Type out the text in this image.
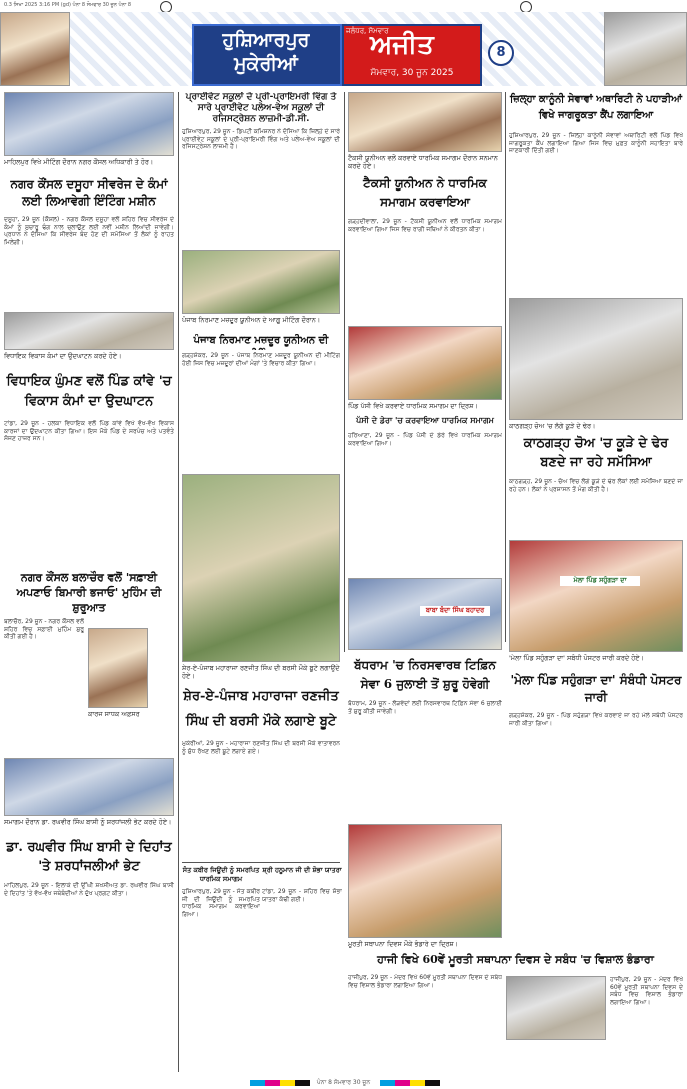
0.3 ਸਿਖਾ 2025 3:16 PM (gd) ਪੰਨਾ 8 ਸੋਮਵਾਰ 30 ਜੂਨ ਪੰਨਾ 8
ਹੁਸ਼ਿਆਰਪੁਰ ਮੁਕੇਰੀਆਂ
ਜਲੰਧਰ, ਸੋਮਵਾਰ
ਅਜੀਤ
ਸੋਮਵਾਰ, 30 ਜੂਨ 2025
8
ਮਾਹਿਲਪੁਰ ਵਿਖੇ ਮੀਟਿੰਗ ਦੌਰਾਨ ਨਗਰ ਕੌਂਸਲ ਅਧਿਕਾਰੀ ਤੇ ਹੋਰ।
ਨਗਰ ਕੌਂਸਲ ਦਸੂਹਾ ਸੀਵਰੇਜ ਦੇ ਕੰਮਾਂ ਲਈ ਲਿਆਵੇਗੀ ਇੰਟਿੰਗ ਮਸ਼ੀਨ
ਦਸੂਹਾ, 29 ਜੂਨ (ਕੌਸ਼ਲ) - ਨਗਰ ਕੌਂਸਲ ਦਸੂਹਾ ਵਲੋਂ ਸ਼ਹਿਰ ਵਿਚ ਸੀਵਰੇਜ ਦੇ ਕੰਮਾਂ ਨੂੰ ਸੁਚਾਰੂ ਢੰਗ ਨਾਲ ਚਲਾਉਣ ਲਈ ਨਵੀਂ ਮਸ਼ੀਨ ਲਿਆਂਦੀ ਜਾਵੇਗੀ। ਪ੍ਰਧਾਨ ਨੇ ਦੱਸਿਆ ਕਿ ਸੀਵਰੇਜ ਬੰਦ ਹੋਣ ਦੀ ਸਮੱਸਿਆ ਤੋਂ ਲੋਕਾਂ ਨੂੰ ਰਾਹਤ ਮਿਲੇਗੀ।
ਵਿਧਾਇਕ ਵਿਕਾਸ ਕੰਮਾਂ ਦਾ ਉਦਘਾਟਨ ਕਰਦੇ ਹੋਏ।
ਵਿਧਾਇਕ ਘੁੰਮਣ ਵਲੋਂ ਪਿੰਡ ਕਾਂਵੇ 'ਚ ਵਿਕਾਸ ਕੰਮਾਂ ਦਾ ਉਦਘਾਟਨ
ਟਾਂਡਾ, 29 ਜੂਨ - ਹਲਕਾ ਵਿਧਾਇਕ ਵਲੋਂ ਪਿੰਡ ਕਾਂਵੇ ਵਿਖੇ ਵੱਖ-ਵੱਖ ਵਿਕਾਸ ਕਾਰਜਾਂ ਦਾ ਉਦਘਾਟਨ ਕੀਤਾ ਗਿਆ। ਇਸ ਮੌਕੇ ਪਿੰਡ ਦੇ ਸਰਪੰਚ ਅਤੇ ਪਤਵੰਤੇ ਸੱਜਣ ਹਾਜ਼ਰ ਸਨ।
ਨਗਰ ਕੌਂਸਲ ਬਲਾਚੌਰ ਵਲੋਂ 'ਸਫ਼ਾਈ ਅਪਣਾਓ ਬਿਮਾਰੀ ਭਜਾਓ' ਮੁਹਿੰਮ ਦੀ ਸ਼ੁਰੂਆਤ
ਬਲਾਚੌਰ, 29 ਜੂਨ - ਨਗਰ ਕੌਂਸਲ ਵਲੋਂ ਸ਼ਹਿਰ ਵਿਚ ਸਫ਼ਾਈ ਮੁਹਿੰਮ ਸ਼ੁਰੂ ਕੀਤੀ ਗਈ ਹੈ।
ਕਾਰਜ ਸਾਧਕ ਅਫ਼ਸਰ
ਸਮਾਗਮ ਦੌਰਾਨ ਡਾ. ਰਘਵੀਰ ਸਿੰਘ ਬਾਸੀ ਨੂੰ ਸ਼ਰਧਾਂਜਲੀ ਭੇਟ ਕਰਦੇ ਹੋਏ।
ਡਾ. ਰਘਵੀਰ ਸਿੰਘ ਬਾਸੀ ਦੇ ਦਿਹਾਂਤ 'ਤੇ ਸ਼ਰਧਾਂਜਲੀਆਂ ਭੇਟ
ਮਾਹਿਲਪੁਰ, 29 ਜੂਨ - ਇਲਾਕੇ ਦੀ ਉੱਘੀ ਸ਼ਖਸੀਅਤ ਡਾ. ਰਘਵੀਰ ਸਿੰਘ ਬਾਸੀ ਦੇ ਦਿਹਾਂਤ 'ਤੇ ਵੱਖ-ਵੱਖ ਜਥੇਬੰਦੀਆਂ ਨੇ ਦੁੱਖ ਪ੍ਰਗਟ ਕੀਤਾ।
ਪ੍ਰਾਈਵੇਟ ਸਕੂਲਾਂ ਦੇ ਪ੍ਰੀ-ਪ੍ਰਾਇਮਰੀ ਵਿੰਗ ਤੇ ਸਾਰੇ ਪ੍ਰਾਈਵੇਟ ਪਲੇਅ-ਵੇਅ ਸਕੂਲਾਂ ਦੀ ਰਜਿਸਟ੍ਰੇਸ਼ਨ ਲਾਜ਼ਮੀ-ਡੀ.ਸੀ.
ਹੁਸ਼ਿਆਰਪੁਰ, 29 ਜੂਨ - ਡਿਪਟੀ ਕਮਿਸ਼ਨਰ ਨੇ ਦੱਸਿਆ ਕਿ ਜ਼ਿਲ੍ਹੇ ਦੇ ਸਾਰੇ ਪ੍ਰਾਈਵੇਟ ਸਕੂਲਾਂ ਦੇ ਪ੍ਰੀ-ਪ੍ਰਾਇਮਰੀ ਵਿੰਗ ਅਤੇ ਪਲੇਅ-ਵੇਅ ਸਕੂਲਾਂ ਦੀ ਰਜਿਸਟ੍ਰੇਸ਼ਨ ਲਾਜ਼ਮੀ ਹੈ।
ਪੰਜਾਬ ਨਿਰਮਾਣ ਮਜ਼ਦੂਰ ਯੂਨੀਅਨ ਦੇ ਆਗੂ ਮੀਟਿੰਗ ਦੌਰਾਨ।
ਪੰਜਾਬ ਨਿਰਮਾਣ ਮਜ਼ਦੂਰ ਯੂਨੀਅਨ ਦੀ
ਗੜ੍ਹਸ਼ੰਕਰ, 29 ਜੂਨ - ਪੰਜਾਬ ਨਿਰਮਾਣ ਮਜ਼ਦੂਰ ਯੂਨੀਅਨ ਦੀ ਮੀਟਿੰਗ ਹੋਈ ਜਿਸ ਵਿਚ ਮਜ਼ਦੂਰਾਂ ਦੀਆਂ ਮੰਗਾਂ 'ਤੇ ਵਿਚਾਰ ਕੀਤਾ ਗਿਆ।
ਸ਼ੇਰ-ਏ-ਪੰਜਾਬ ਮਹਾਰਾਜਾ ਰਣਜੀਤ ਸਿੰਘ ਦੀ ਬਰਸੀ ਮੌਕੇ ਬੂਟੇ ਲਗਾਉਂਦੇ ਹੋਏ।
ਸ਼ੇਰ-ਏ-ਪੰਜਾਬ ਮਹਾਰਾਜਾ ਰਣਜੀਤ ਸਿੰਘ ਦੀ ਬਰਸੀ ਮੌਕੇ ਲਗਾਏ ਬੂਟੇ
ਮੁਕੇਰੀਆਂ, 29 ਜੂਨ - ਮਹਾਰਾਜਾ ਰਣਜੀਤ ਸਿੰਘ ਦੀ ਬਰਸੀ ਮੌਕੇ ਵਾਤਾਵਰਨ ਨੂੰ ਸ਼ੁੱਧ ਰੱਖਣ ਲਈ ਬੂਟੇ ਲਗਾਏ ਗਏ।
ਸੰਤ ਕਬੀਰ ਜਿਊਂਦੀ ਨੂੰ ਸਮਰਪਿਤ ਧਾਰਮਿਕ ਸਮਾਗਮ
ਹੁਸ਼ਿਆਰਪੁਰ, 29 ਜੂਨ - ਸੰਤ ਕਬੀਰ ਜੀ ਦੀ ਜਿਊਂਦੀ ਨੂੰ ਸਮਰਪਿਤ ਧਾਰਮਿਕ ਸਮਾਗਮ ਕਰਵਾਇਆ ਗਿਆ।
ਸ਼੍ਰੀ ਹਨੂਮਾਨ ਜੀ ਦੀ ਸ਼ੋਭਾ ਯਾਤਰਾ
ਟਾਂਡਾ, 29 ਜੂਨ - ਸ਼ਹਿਰ ਵਿਚ ਸ਼ੋਭਾ ਯਾਤਰਾ ਕੱਢੀ ਗਈ।
ਟੈਕਸੀ ਯੂਨੀਅਨ ਵਲੋਂ ਕਰਵਾਏ ਧਾਰਮਿਕ ਸਮਾਗਮ ਦੌਰਾਨ ਸਨਮਾਨ ਕਰਦੇ ਹੋਏ।
ਟੈਕਸੀ ਯੂਨੀਅਨ ਨੇ ਧਾਰਮਿਕ ਸਮਾਗਮ ਕਰਵਾਇਆ
ਗੜ੍ਹਦੀਵਾਲਾ, 29 ਜੂਨ - ਟੈਕਸੀ ਯੂਨੀਅਨ ਵਲੋਂ ਧਾਰਮਿਕ ਸਮਾਗਮ ਕਰਵਾਇਆ ਗਿਆ ਜਿਸ ਵਿਚ ਰਾਗੀ ਜਥਿਆਂ ਨੇ ਕੀਰਤਨ ਕੀਤਾ।
ਪਿੰਡ ਪੱਸੀ ਵਿਖੇ ਕਰਵਾਏ ਧਾਰਮਿਕ ਸਮਾਗਮ ਦਾ ਦ੍ਰਿਸ਼।
ਪੱਸੀ ਦੇ ਡੇਰਾ 'ਚ ਕਰਵਾਇਆ ਧਾਰਮਿਕ ਸਮਾਗਮ
ਹਰਿਆਣਾ, 29 ਜੂਨ - ਪਿੰਡ ਪੱਸੀ ਦੇ ਡੇਰੇ ਵਿਖੇ ਧਾਰਮਿਕ ਸਮਾਗਮ ਕਰਵਾਇਆ ਗਿਆ।
ਬਾਬਾ ਬੰਦਾ ਸਿੰਘ ਬਹਾਦਰ
ਬੱਧਰਾਮ 'ਚ ਨਿਰਸਵਾਰਥ ਟਿਫ਼ਿਨ ਸੇਵਾ 6 ਜੁਲਾਈ ਤੋਂ ਸ਼ੁਰੂ ਹੋਵੇਗੀ
ਬੱਧਰਾਮ, 29 ਜੂਨ - ਲੋੜਵੰਦਾਂ ਲਈ ਨਿਰਸਵਾਰਥ ਟਿਫ਼ਿਨ ਸੇਵਾ 6 ਜੁਲਾਈ ਤੋਂ ਸ਼ੁਰੂ ਕੀਤੀ ਜਾਵੇਗੀ।
ਮੂਰਤੀ ਸਥਾਪਨਾ ਦਿਵਸ ਮੌਕੇ ਭੰਡਾਰੇ ਦਾ ਦ੍ਰਿਸ਼।
ਹਾਜੀ ਵਿਖੇ 60ਵੇਂ ਮੂਰਤੀ ਸਥਾਪਨਾ ਦਿਵਸ ਦੇ ਸਬੰਧ 'ਚ ਵਿਸ਼ਾਲ ਭੰਡਾਰਾ
ਹਾਜੀਪੁਰ, 29 ਜੂਨ - ਮੰਦਰ ਵਿਖੇ 60ਵੇਂ ਮੂਰਤੀ ਸਥਾਪਨਾ ਦਿਵਸ ਦੇ ਸਬੰਧ ਵਿਚ ਵਿਸ਼ਾਲ ਭੰਡਾਰਾ ਲਗਾਇਆ ਗਿਆ।
ਹਾਜੀਪੁਰ, 29 ਜੂਨ - ਮੰਦਰ ਵਿਖੇ 60ਵੇਂ ਮੂਰਤੀ ਸਥਾਪਨਾ ਦਿਵਸ ਦੇ ਸਬੰਧ ਵਿਚ ਵਿਸ਼ਾਲ ਭੰਡਾਰਾ ਲਗਾਇਆ ਗਿਆ।
ਜ਼ਿਲ੍ਹਾ ਕਾਨੂੰਨੀ ਸੇਵਾਵਾਂ ਅਥਾਰਿਟੀ ਨੇ ਪਹਾੜੀਆਂ ਵਿਖੇ ਜਾਗਰੂਕਤਾ ਕੈਂਪ ਲਗਾਇਆ
ਹੁਸ਼ਿਆਰਪੁਰ, 29 ਜੂਨ - ਜ਼ਿਲ੍ਹਾ ਕਾਨੂੰਨੀ ਸੇਵਾਵਾਂ ਅਥਾਰਿਟੀ ਵਲੋਂ ਪਿੰਡ ਵਿਖੇ ਜਾਗਰੂਕਤਾ ਕੈਂਪ ਲਗਾਇਆ ਗਿਆ ਜਿਸ ਵਿਚ ਮੁਫ਼ਤ ਕਾਨੂੰਨੀ ਸਹਾਇਤਾ ਬਾਰੇ ਜਾਣਕਾਰੀ ਦਿੱਤੀ ਗਈ।
ਕਾਠਗੜ੍ਹ ਚੋਅ 'ਚ ਲੱਗੇ ਕੂੜੇ ਦੇ ਢੇਰ।
ਕਾਠਗੜ੍ਹ ਚੋਅ 'ਚ ਕੂੜੇ ਦੇ ਢੇਰ ਬਣਦੇ ਜਾ ਰਹੇ ਸਮੱਸਿਆ
ਕਾਠਗੜ੍ਹ, 29 ਜੂਨ - ਚੋਅ ਵਿਚ ਲੱਗੇ ਕੂੜੇ ਦੇ ਢੇਰ ਲੋਕਾਂ ਲਈ ਸਮੱਸਿਆ ਬਣਦੇ ਜਾ ਰਹੇ ਹਨ। ਲੋਕਾਂ ਨੇ ਪ੍ਰਸ਼ਾਸਨ ਤੋਂ ਮੰਗ ਕੀਤੀ ਹੈ।
ਮੇਲਾ ਪਿੰਡ ਸਹੁੰਗੜਾ ਦਾ
'ਮੇਲਾ ਪਿੰਡ ਸਹੁੰਗੜਾ ਦਾ' ਸਬੰਧੀ ਪੋਸਟਰ ਜਾਰੀ ਕਰਦੇ ਹੋਏ।
'ਮੇਲਾ ਪਿੰਡ ਸਹੁੰਗੜਾ ਦਾ' ਸੰਬੰਧੀ ਪੋਸਟਰ ਜਾਰੀ
ਗੜ੍ਹਸ਼ੰਕਰ, 29 ਜੂਨ - ਪਿੰਡ ਸਹੁੰਗੜਾ ਵਿਖੇ ਕਰਵਾਏ ਜਾ ਰਹੇ ਮੇਲੇ ਸਬੰਧੀ ਪੋਸਟਰ ਜਾਰੀ ਕੀਤਾ ਗਿਆ।
ਪੰਨਾ 8 ਸੋਮਵਾਰ 30 ਜੂਨ
